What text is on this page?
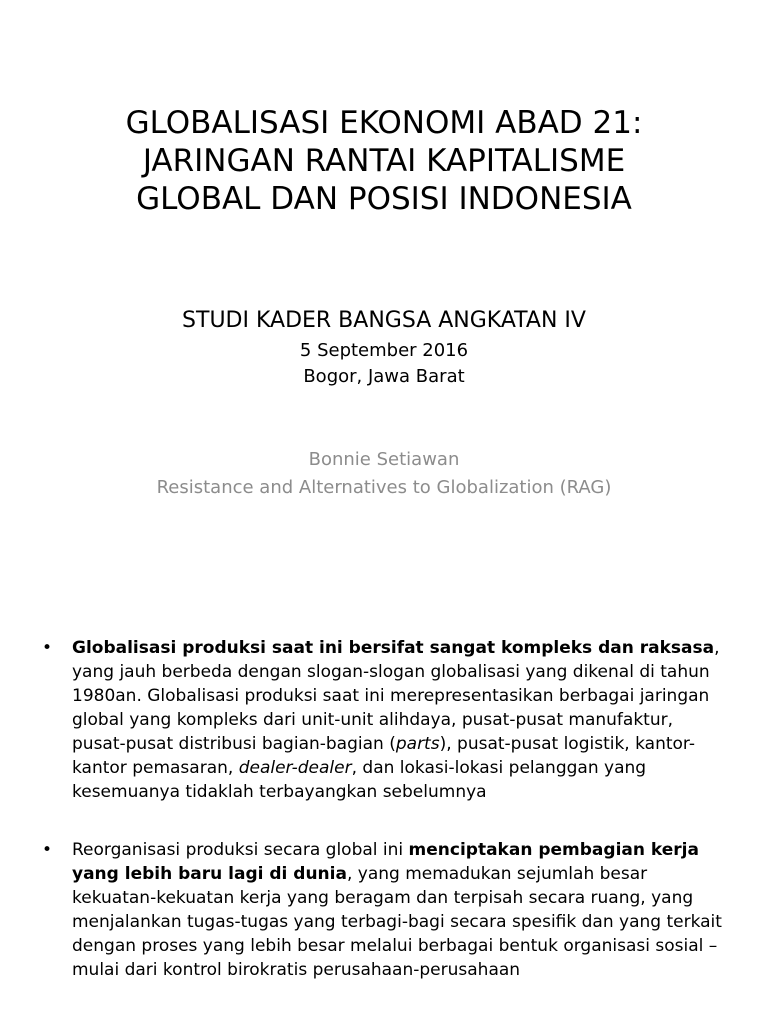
GLOBALISASI EKONOMI ABAD 21:
JARINGAN RANTAI KAPITALISME
GLOBAL DAN POSISI INDONESIA
STUDI KADER BANGSA ANGKATAN IV
5 September 2016
Bogor, Jawa Barat
Bonnie Setiawan
Resistance and Alternatives to Globalization (RAG)
• Globalisasi produksi saat ini bersifat sangat kompleks dan raksasa, yang jauh berbeda dengan slogan-slogan globalisasi yang dikenal di tahun 1980an. Globalisasi produksi saat ini merepresentasikan berbagai jaringan global yang kompleks dari unit-unit alihdaya, pusat-pusat manufaktur, pusat-pusat distribusi bagian-bagian (parts), pusat-pusat logistik, kantor-kantor pemasaran, dealer-dealer, dan lokasi-lokasi pelanggan yang kesemuanya tidaklah terbayangkan sebelumnya
• Reorganisasi produksi secara global ini menciptakan pembagian kerja yang lebih baru lagi di dunia, yang memadukan sejumlah besar kekuatan-kekuatan kerja yang beragam dan terpisah secara ruang, yang menjalankan tugas-tugas yang terbagi-bagi secara spesifik dan yang terkait dengan proses yang lebih besar melalui berbagai bentuk organisasi sosial – mulai dari kontrol birokratis perusahaan-perusahaan
